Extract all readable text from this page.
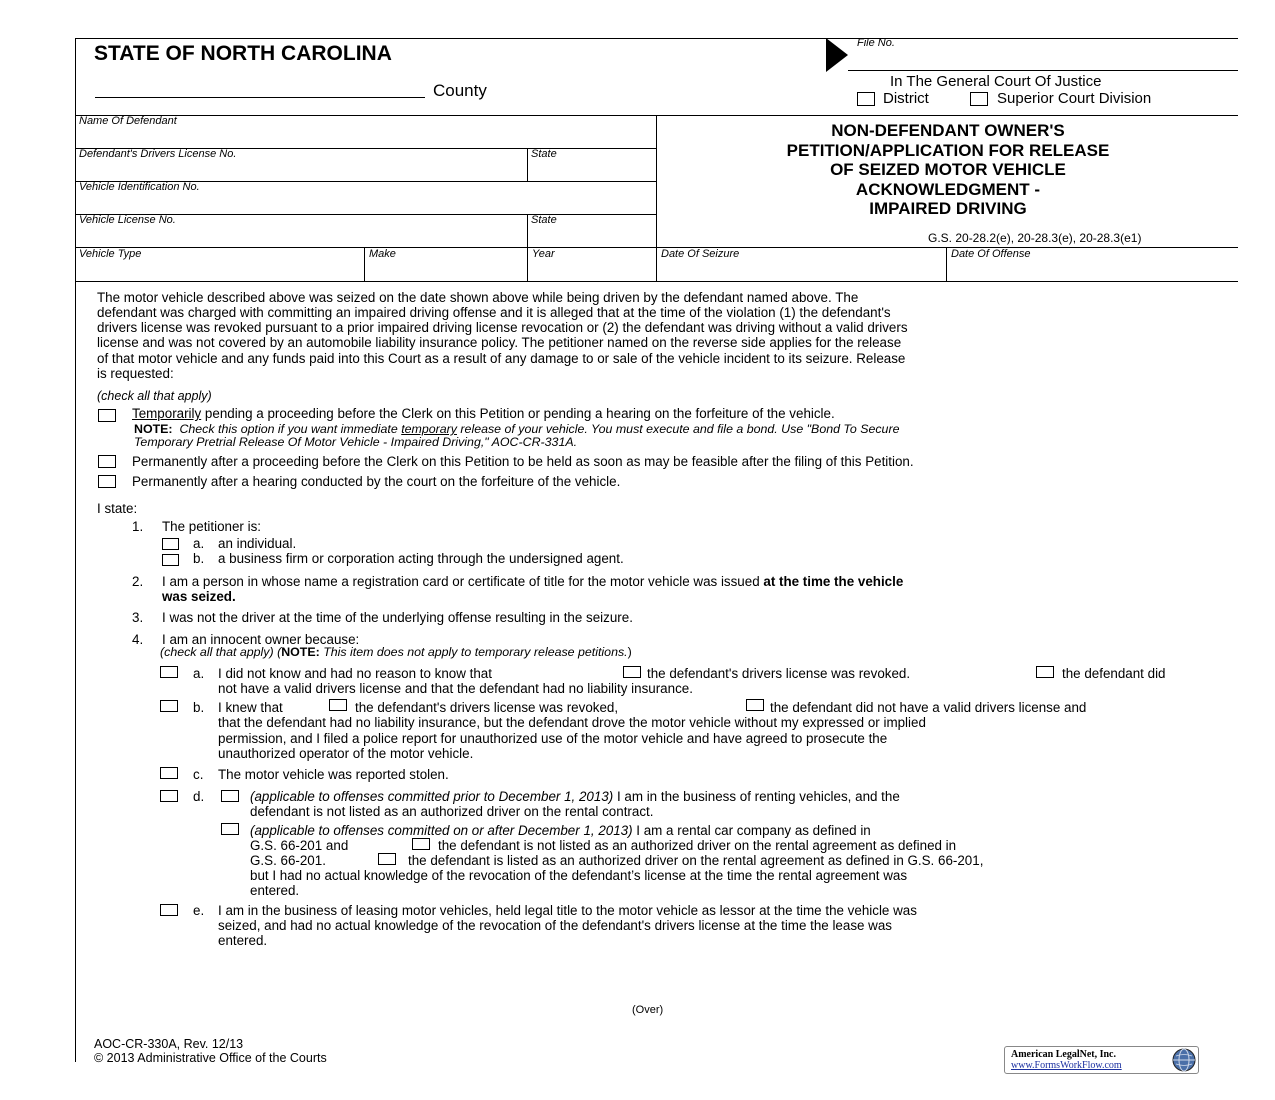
STATE OF NORTH CAROLINA
County
File No.
In The General Court Of Justice
District	Superior Court Division
Name Of Defendant
Defendant's Drivers License No.	State
Vehicle Identification No.
Vehicle License No.	State
Vehicle Type	Make	Year	Date Of Seizure	Date Of Offense
NON-DEFENDANT OWNER'S
PETITION/APPLICATION FOR RELEASE
OF SEIZED MOTOR VEHICLE
ACKNOWLEDGMENT -
IMPAIRED DRIVING
G.S. 20-28.2(e), 20-28.3(e), 20-28.3(e1)
The motor vehicle described above was seized on the date shown above while being driven by the defendant named above. The
defendant was charged with committing an impaired driving offense and it is alleged that at the time of the violation (1) the defendant's
drivers license was revoked pursuant to a prior impaired driving license revocation or (2) the defendant was driving without a valid drivers
license and was not covered by an automobile liability insurance policy. The petitioner named on the reverse side applies for the release
of that motor vehicle and any funds paid into this Court as a result of any damage to or sale of the vehicle incident to its seizure. Release
is requested:
(check all that apply)
Temporarily pending a proceeding before the Clerk on this Petition or pending a hearing on the forfeiture of the vehicle.
NOTE: Check this option if you want immediate temporary release of your vehicle. You must execute and file a bond. Use "Bond To Secure
Temporary Pretrial Release Of Motor Vehicle - Impaired Driving," AOC-CR-331A.
Permanently after a proceeding before the Clerk on this Petition to be held as soon as may be feasible after the filing of this Petition.
Permanently after a hearing conducted by the court on the forfeiture of the vehicle.
I state:
1. The petitioner is:
a. an individual.
b. a business firm or corporation acting through the undersigned agent.
2. I am a person in whose name a registration card or certificate of title for the motor vehicle was issued at the time the vehicle
was seized.
3. I was not the driver at the time of the underlying offense resulting in the seizure.
4. I am an innocent owner because:
(check all that apply) (NOTE: This item does not apply to temporary release petitions.)
a. I did not know and had no reason to know that	the defendant's drivers license was revoked.	the defendant did
not have a valid drivers license and that the defendant had no liability insurance.
b. I knew that	the defendant's drivers license was revoked,	the defendant did not have a valid drivers license and
that the defendant had no liability insurance, but the defendant drove the motor vehicle without my expressed or implied
permission, and I filed a police report for unauthorized use of the motor vehicle and have agreed to prosecute the
unauthorized operator of the motor vehicle.
c. The motor vehicle was reported stolen.
d.	(applicable to offenses committed prior to December 1, 2013) I am in the business of renting vehicles, and the
defendant is not listed as an authorized driver on the rental contract.
(applicable to offenses committed on or after December 1, 2013) I am a rental car company as defined in
G.S. 66-201 and	the defendant is not listed as an authorized driver on the rental agreement as defined in
G.S. 66-201.	the defendant is listed as an authorized driver on the rental agreement as defined in G.S. 66-201,
but I had no actual knowledge of the revocation of the defendant’s license at the time the rental agreement was
entered.
e. I am in the business of leasing motor vehicles, held legal title to the motor vehicle as lessor at the time the vehicle was
seized, and had no actual knowledge of the revocation of the defendant's drivers license at the time the lease was
entered.
(Over)
AOC-CR-330A, Rev. 12/13
© 2013 Administrative Office of the Courts	American LegalNet, Inc.
www.FormsWorkFlow.com
